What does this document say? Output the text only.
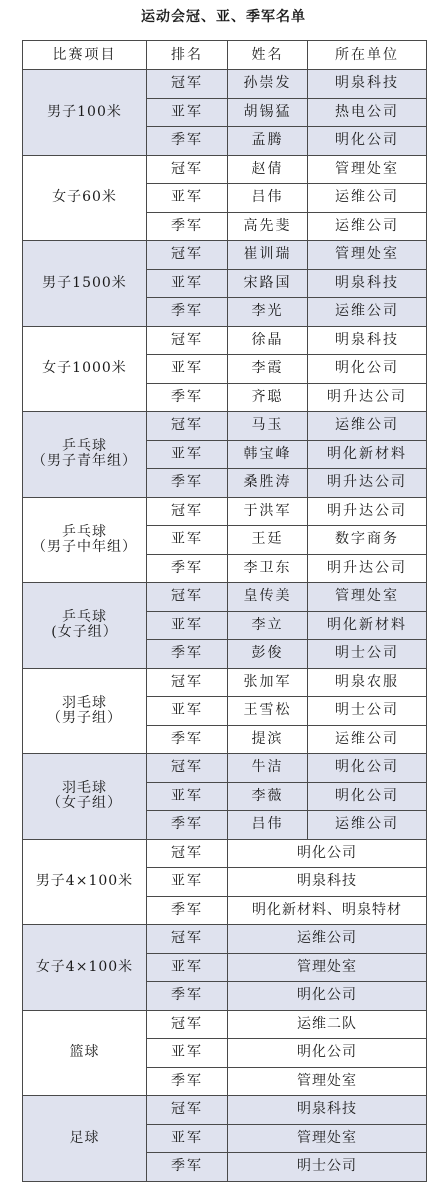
运动会冠、亚、季军名单
比赛项目	排名	姓名	所在单位

男子100米	冠军	孙崇发	明泉科技
	亚军	胡锡猛	热电公司
	季军	孟腾	明化公司

女子60米	冠军	赵倩	管理处室
	亚军	吕伟	运维公司
	季军	高先斐	运维公司

男子1500米	冠军	崔训瑞	管理处室
	亚军	宋路国	明泉科技
	季军	李光	运维公司

女子1000米	冠军	徐晶	明泉科技
	亚军	李霞	明化公司
	季军	齐聪	明升达公司

乒乓球
（男子青年组）	冠军	马玉	运维公司
	亚军	韩宝峰	明化新材料
	季军	桑胜涛	明升达公司

乒乓球
（男子中年组）	冠军	于洪军	明升达公司
	亚军	王廷	数字商务
	季军	李卫东	明升达公司

乒乓球
(女子组）	冠军	皇传美	管理处室
	亚军	李立	明化新材料
	季军	彭俊	明士公司

羽毛球
（男子组）	冠军	张加军	明泉农服
	亚军	王雪松	明士公司
	季军	提滨	运维公司

羽毛球
（女子组）	冠军	牛洁	明化公司
	亚军	李薇	明化公司
	季军	吕伟	运维公司

男子4×100米	冠军	明化公司	
	亚军	明泉科技	
	季军	明化新材料、明泉特材	

女子4×100米	冠军	运维公司	
	亚军	管理处室	
	季军	明化公司	

篮球	冠军	运维二队	
	亚军	明化公司	
	季军	管理处室	

足球	冠军	明泉科技	
	亚军	管理处室	
	季军	明士公司	
